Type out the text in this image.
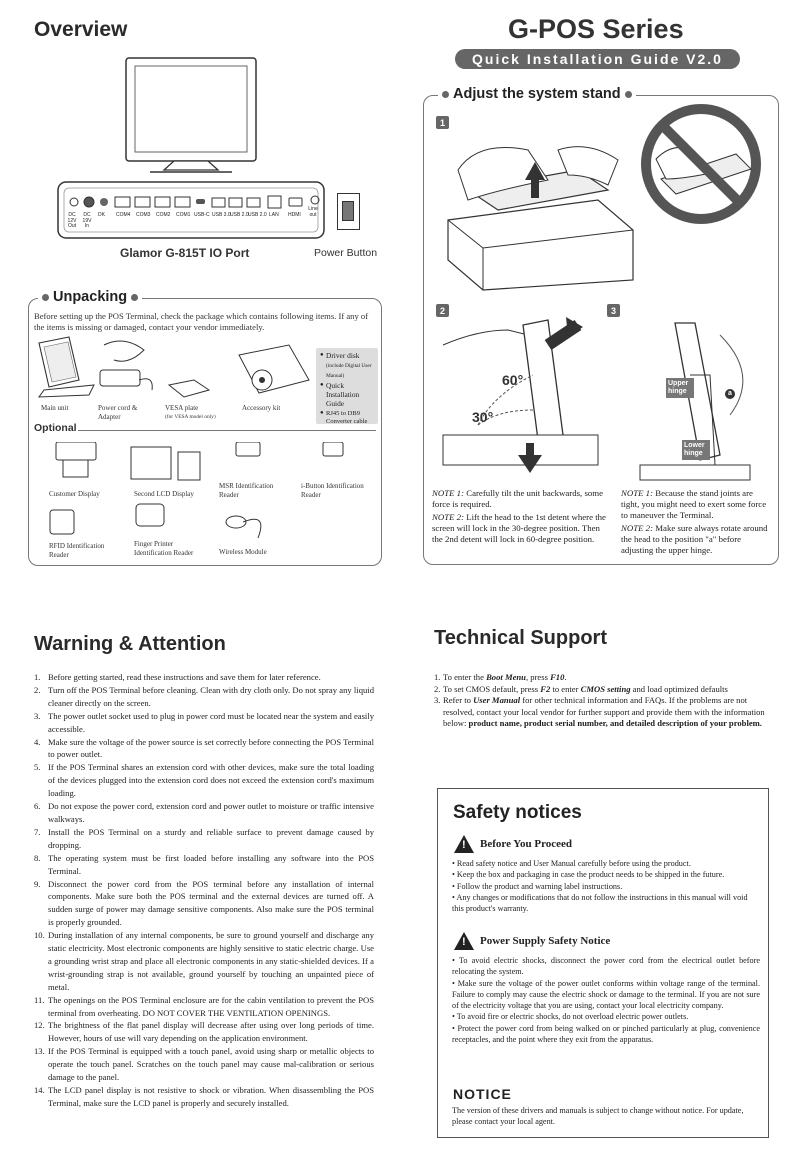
Overview
DC 12V Out
DC 19V In
DK COM4 COM3 COM2 COM1 USB-C USB 3.0 USB 2.0 USB 2.0 LAN HDMI
Line out
Glamor G-815T IO Port	Power Button
G-POS Series
Quick Installation Guide V2.0
Adjust the system stand
1
2	3
60°
30°
Upper hinge
Lower hinge
a
NOTE 1: Carefully tilt the unit backwards, some force is required.
NOTE 2: Lift the head to the 1st detent where the screen will lock in the 30-degree position. Then the 2nd detent will lock in 60-degree position.
NOTE 1: Because the stand joints are tight, you might need to exert some force to maneuver the Terminal.
NOTE 2: Make sure always rotate around the head to the position "a" before adjusting the upper hinge.
Unpacking
Before setting up the POS Terminal, check the package which contains following items. If any of the items is missing or damaged, contact your vendor immediately.
● Driver disk
(include Digital User Manual)
● Quick Installation Guide
● RJ45 to DB9 Converter cable
Main unit	Power cord & Adapter
VESA plate
(for VESA model only)
Accessory kit
Optional
Customer Display	Second LCD Display
MSR Identification Reader
i-Button Identification Reader
RFID Identification Reader
Finger Printer Identification Reader	Wireless Module
Warning & Attention
1. Before getting started, read these instructions and save them for later reference.
2. Turn off the POS Terminal before cleaning. Clean with dry cloth only. Do not spray any liquid cleaner directly on the screen.
3. The power outlet socket used to plug in power cord must be located near the system and easily accessible.
4. Make sure the voltage of the power source is set correctly before connecting the POS Terminal to power outlet.
5. If the POS Terminal shares an extension cord with other devices, make sure the total loading of the devices plugged into the extension cord does not exceed the extension cord's maximum loading.
6. Do not expose the power cord, extension cord and power outlet to moisture or traffic intensive walkways.
7. Install the POS Terminal on a sturdy and reliable surface to prevent damage caused by dropping.
8. The operating system must be first loaded before installing any software into the POS Terminal.
9. Disconnect the power cord from the POS terminal before any installation of internal components. Make sure both the POS terminal and the external devices are turned off. A sudden surge of power may damage sensitive components. Also make sure the POS terminal is properly grounded.
10. During installation of any internal components, be sure to ground yourself and discharge any static electricity. Most electronic components are highly sensitive to static electric charge. Use a grounding wrist strap and place all electronic components in any static-shielded devices. If a wrist-grounding strap is not available, ground yourself by touching an unpainted piece of metal.
11. The openings on the POS Terminal enclosure are for the cabin ventilation to prevent the POS terminal from overheating. DO NOT COVER THE VENTILATION OPENINGS.
12. The brightness of the flat panel display will decrease after using over long periods of time. However, hours of use will vary depending on the application environment.
13. If the POS Terminal is equipped with a touch panel, avoid using sharp or metallic objects to operate the touch panel. Scratches on the touch panel may cause mal-calibration or serious damage to the panel.
14. The LCD panel display is not resistive to shock or vibration. When disassembling the POS Terminal, make sure the LCD panel is properly and securely installed.
Technical Support

1. To enter the Boot Menu, press F10.

2. To set CMOS default, press F2 to enter CMOS setting and load optimized defaults

3. Refer to User Manual for other technical information and FAQs. If the problems are not resolved, contact your local vendor for further support and provide them with the information below: product name, product serial number, and detailed description of your problem.

Safety notices
! Before You Proceed
• Read safety notice and User Manual carefully before using the product.
• Keep the box and packaging in case the product needs to be shipped in the future.
• Follow the product and warning label instructions.
• Any changes or modifications that do not follow the instructions in this manual will void this product's warranty.
! Power Supply Safety Notice
• To avoid electric shocks, disconnect the power cord from the electrical outlet before relocating the system.
• Make sure the voltage of the power outlet conforms within voltage range of the terminal. Failure to comply may cause the electric shock or damage to the terminal. If you are not sure of the electricity voltage that you are using, contact your local electricity company.
• To avoid fire or electric shocks, do not overload electric power outlets.
• Protect the power cord from being walked on or pinched particularly at plug, convenience receptacles, and the point where they exit from the apparatus.
NOTICE
The version of these drivers and manuals is subject to change without notice. For update, please contact your local agent.
